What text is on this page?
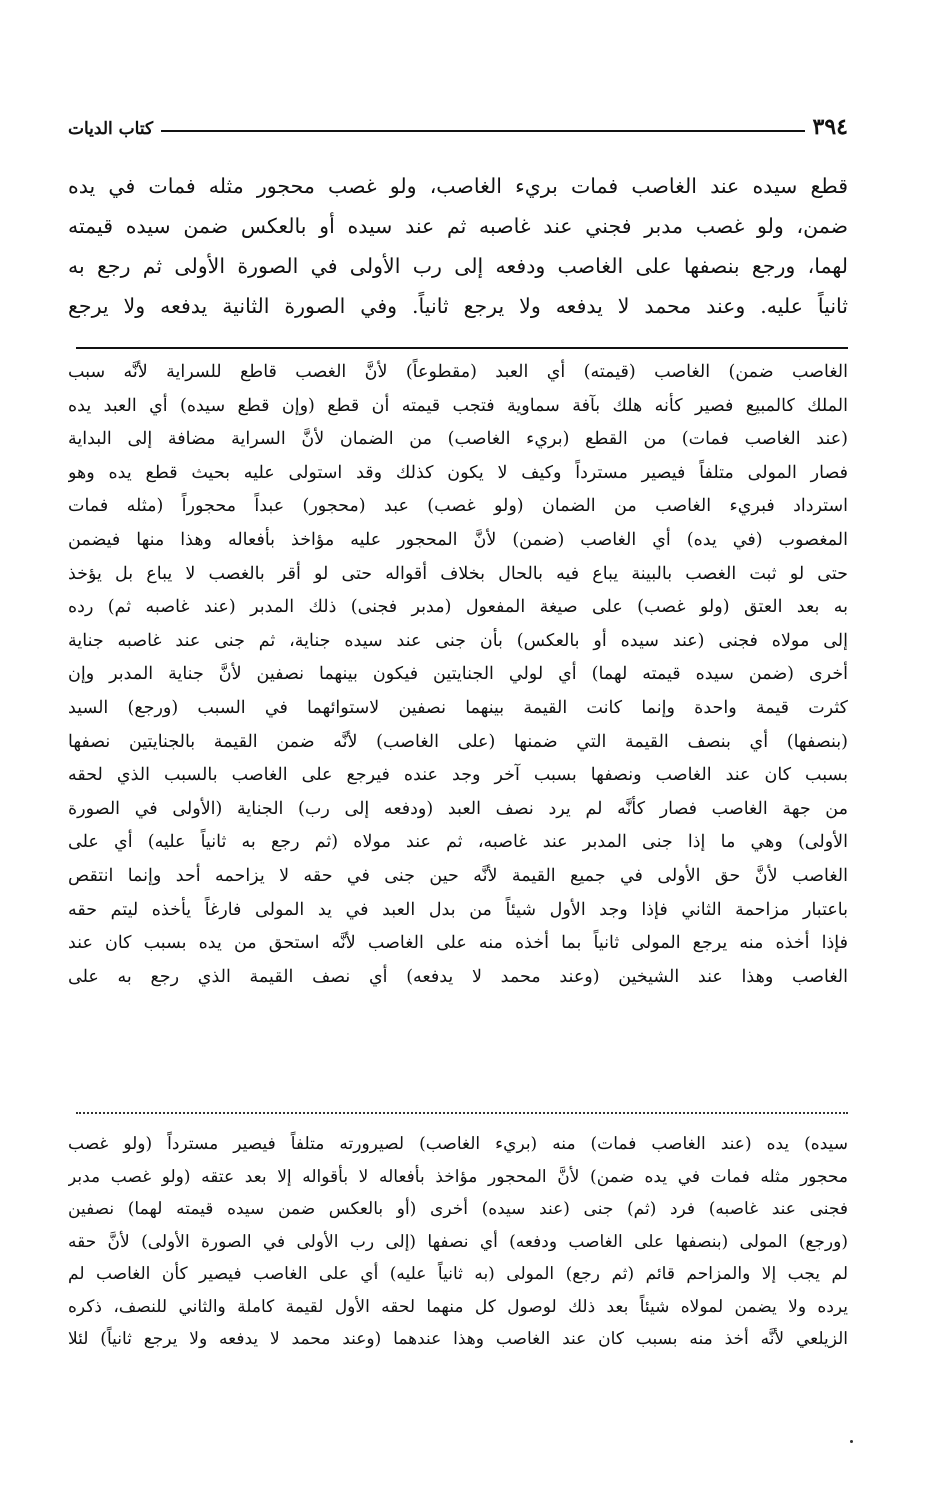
٣٩٤
كتاب الديات

قطع سيده عند الغاصب فمات بريء الغاصب، ولو غصب محجور مثله فمات في يده

ضمن، ولو غصب مدبر فجني عند غاصبه ثم عند سيده أو بالعكس ضمن سيده قيمته

لهما، ورجع بنصفها على الغاصب ودفعه إلى رب الأولى في الصورة الأولى ثم رجع به

ثانياً عليه. وعند محمد لا يدفعه ولا يرجع ثانياً. وفي الصورة الثانية يدفعه ولا يرجع

الغاصب ضمن) الغاصب (قيمته) أي العبد (مقطوعاً) لأنَّ الغصب قاطع للسراية لأنَّه سبب

الملك كالمبيع فصير كأنه هلك بآفة سماوية فتجب قيمته أن قطع (وإن قطع سيده) أي العبد يده

(عند الغاصب فمات) من القطع (بريء الغاصب) من الضمان لأنَّ السراية مضافة إلى البداية

فصار المولى متلفاً فيصير مسترداً وكيف لا يكون كذلك وقد استولى عليه بحيث قطع يده وهو

استرداد فبريء الغاصب من الضمان (ولو غصب) عبد (محجور) عبداً محجوراً (مثله فمات

المغصوب (في يده) أي الغاصب (ضمن) لأنَّ المحجور عليه مؤاخذ بأفعاله وهذا منها فيضمن

حتى لو ثبت الغصب بالبينة يباع فيه بالحال بخلاف أقواله حتى لو أقر بالغصب لا يباع بل يؤخذ

به بعد العتق (ولو غصب) على صيغة المفعول (مدبر فجنى) ذلك المدبر (عند غاصبه ثم) رده

إلى مولاه فجنى (عند سيده أو بالعكس) بأن جنى عند سيده جناية، ثم جنى عند غاصبه جناية

أخرى (ضمن سيده قيمته لهما) أي لولي الجنايتين فيكون بينهما نصفين لأنَّ جناية المدبر وإن

كثرت قيمة واحدة وإنما كانت القيمة بينهما نصفين لاستوائهما في السبب (ورجع) السيد

(بنصفها) أي بنصف القيمة التي ضمنها (على الغاصب) لأنَّه ضمن القيمة بالجنايتين نصفها

بسبب كان عند الغاصب ونصفها بسبب آخر وجد عنده فيرجع على الغاصب بالسبب الذي لحقه

من جهة الغاصب فصار كأنَّه لم يرد نصف العبد (ودفعه إلى رب) الجناية (الأولى في الصورة

الأولى) وهي ما إذا جنى المدبر عند غاصبه، ثم عند مولاه (ثم رجع به ثانياً عليه) أي على

الغاصب لأنَّ حق الأولى في جميع القيمة لأنَّه حين جنى في حقه لا يزاحمه أحد وإنما انتقص

باعتبار مزاحمة الثاني فإذا وجد الأول شيئاً من بدل العبد في يد المولى فارغاً يأخذه ليتم حقه

فإذا أخذه منه يرجع المولى ثانياً بما أخذه منه على الغاصب لأنَّه استحق من يده بسبب كان عند

الغاصب وهذا عند الشيخين (وعند محمد لا يدفعه) أي نصف القيمة الذي رجع به على

سيده) يده (عند الغاصب فمات) منه (بريء الغاصب) لصيرورته متلفاً فيصير مسترداً (ولو غصب

محجور مثله فمات في يده ضمن) لأنَّ المحجور مؤاخذ بأفعاله لا بأقواله إلا بعد عتقه (ولو غصب مدبر

فجنى عند غاصبه) فرد (ثم) جنى (عند سيده) أخرى (أو بالعكس ضمن سيده قيمته لهما) نصفين

(ورجع) المولى (بنصفها على الغاصب ودفعه) أي نصفها (إلى رب الأولى في الصورة الأولى) لأنَّ حقه

لم يجب إلا والمزاحم قائم (ثم رجع) المولى (به ثانياً عليه) أي على الغاصب فيصير كأن الغاصب لم

يرده ولا يضمن لمولاه شيئاً بعد ذلك لوصول كل منهما لحقه الأول لقيمة كاملة والثاني للنصف، ذكره

الزيلعي لأنَّه أخذ منه بسبب كان عند الغاصب وهذا عندهما (وعند محمد لا يدفعه ولا يرجع ثانياً) لئلا
